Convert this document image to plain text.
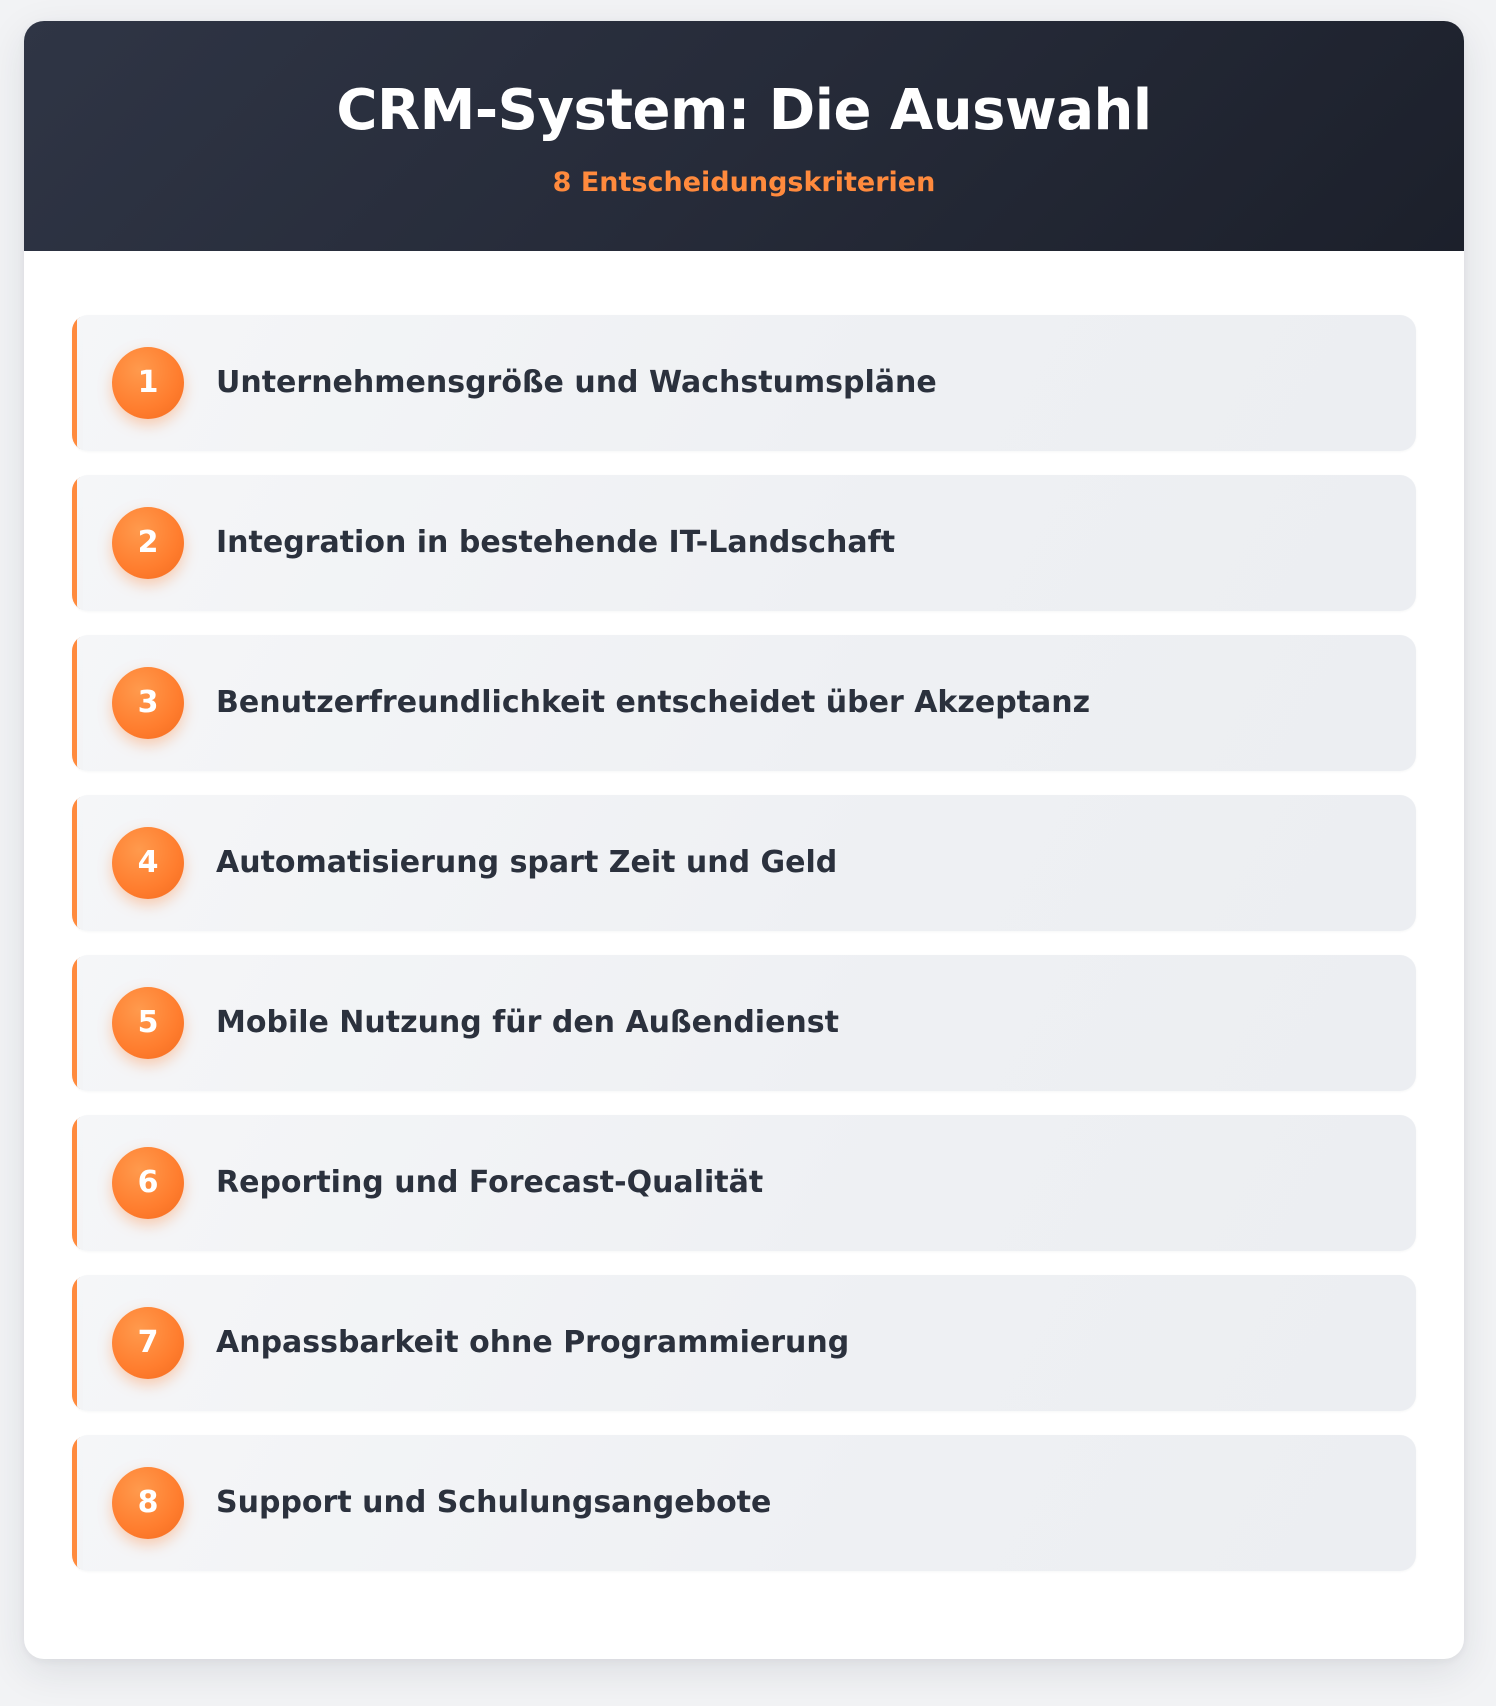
CRM-System: Die Auswahl

8 Entscheidungskriterien

1	Unternehmensgröße und Wachstumspläne
2	Integration in bestehende IT-Landschaft
3	Benutzerfreundlichkeit entscheidet über Akzeptanz
4	Automatisierung spart Zeit und Geld
5	Mobile Nutzung für den Außendienst
6	Reporting und Forecast-Qualität
7	Anpassbarkeit ohne Programmierung
8	Support und Schulungsangebote
